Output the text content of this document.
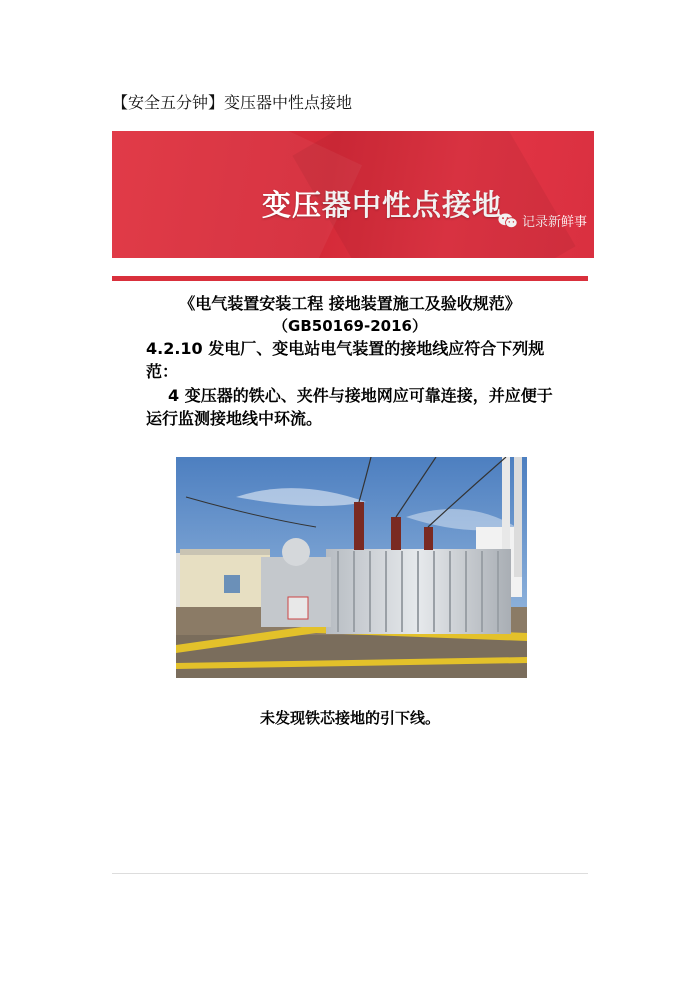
【安全五分钟】变压器中性点接地
变压器中性点接地
记录新鲜事
《电气装置安装工程 接地装置施工及验收规范》
（GB50169-2016）
4.2.10 发电厂、变电站电气装置的接地线应符合下列规范：
4 变压器的铁心、夹件与接地网应可靠连接，并应便于运行监测接地线中环流。
未发现铁芯接地的引下线。
